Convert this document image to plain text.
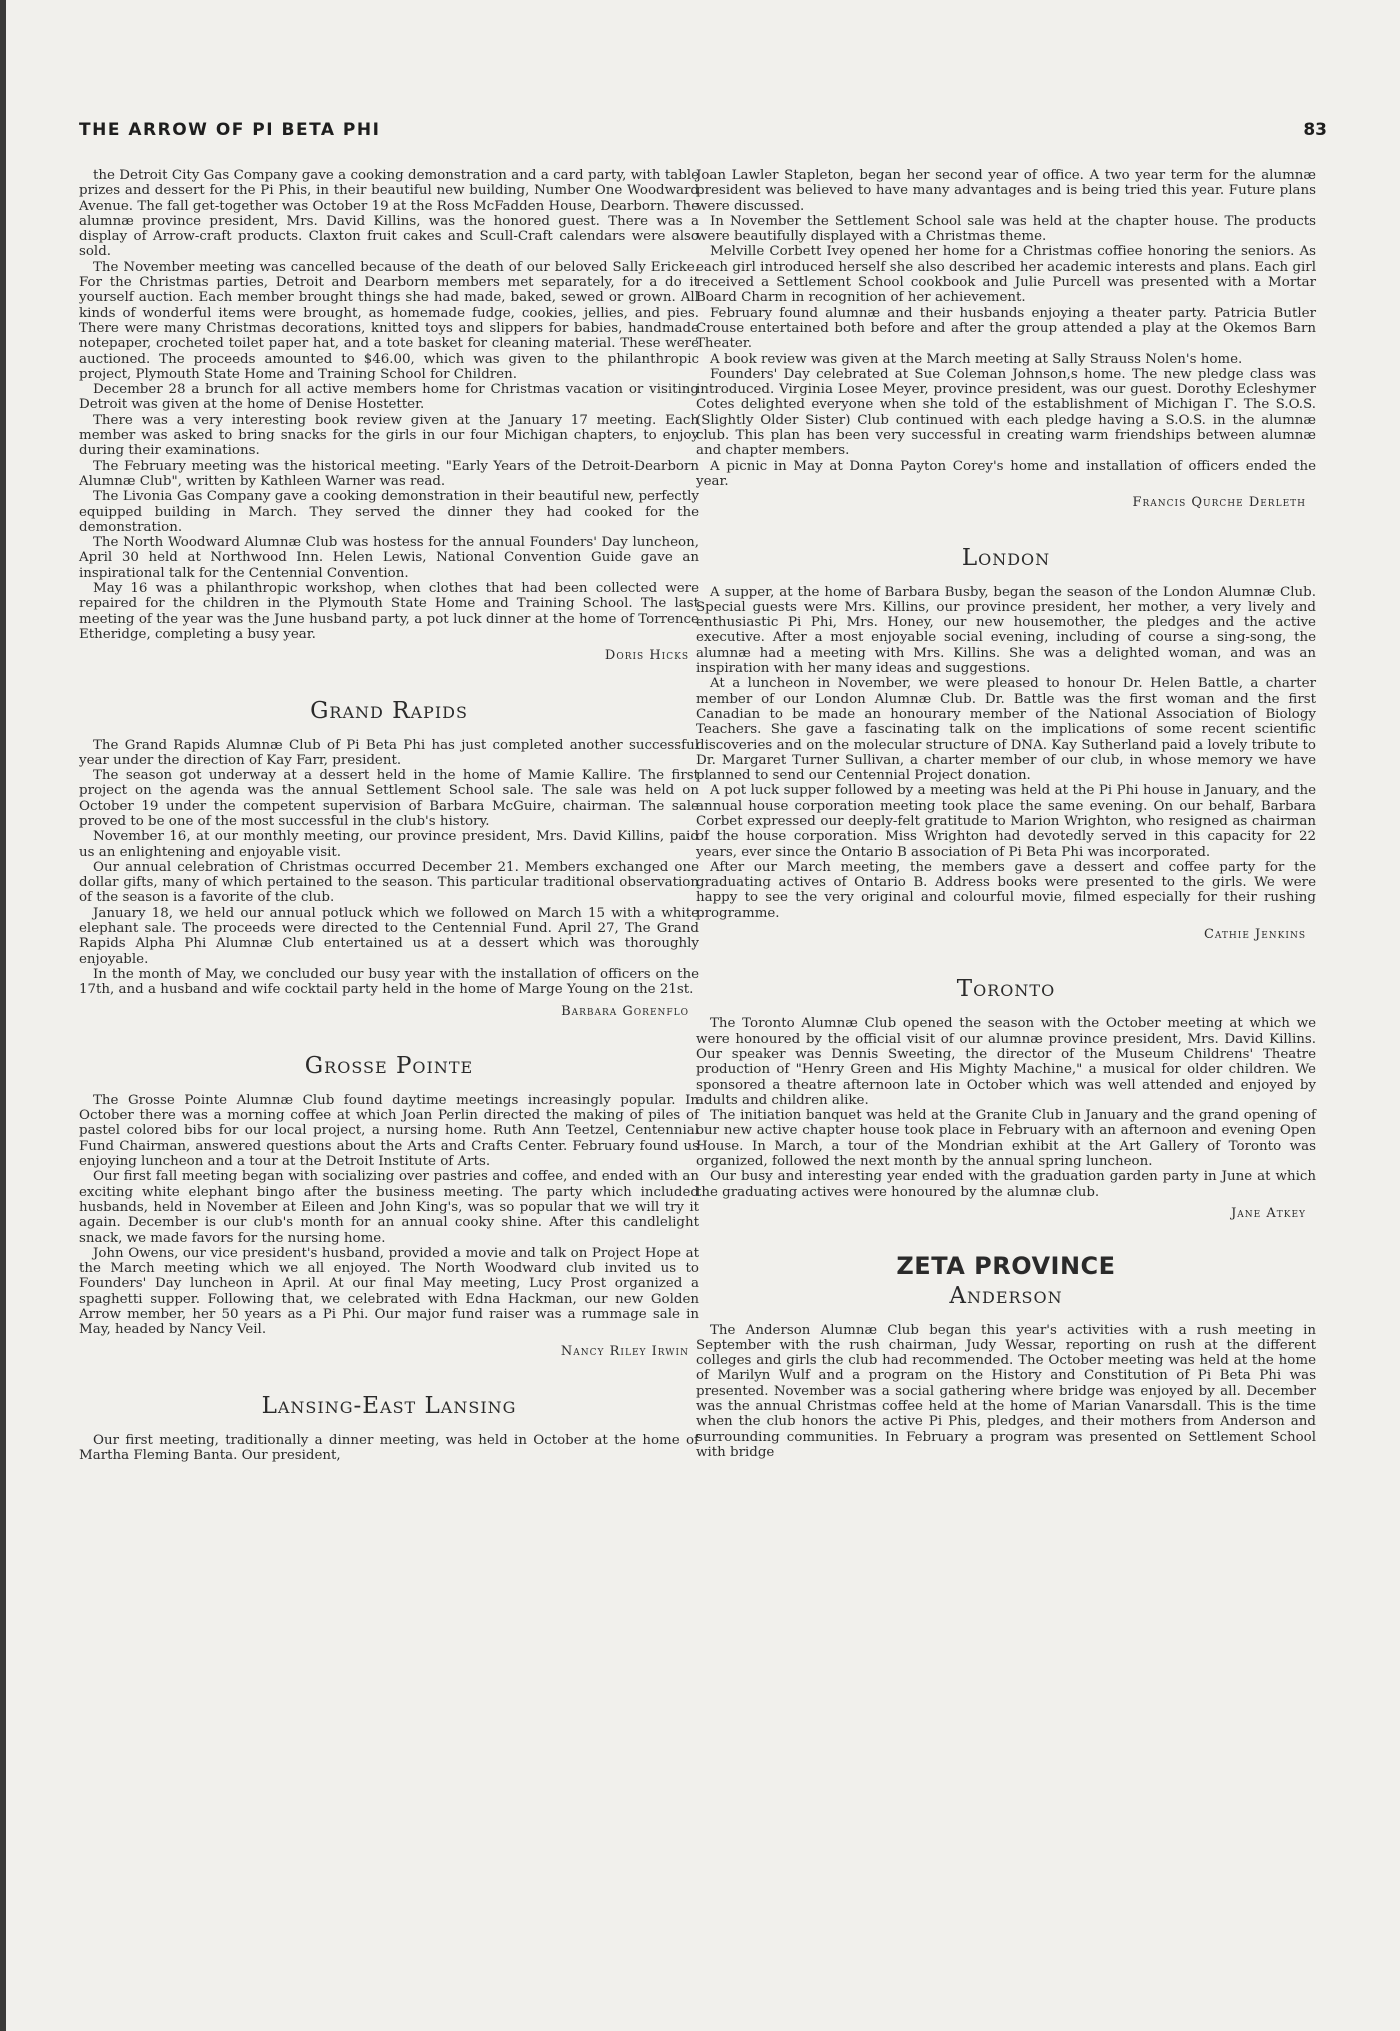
THE ARROW OF PI BETA PHI	83

the Detroit City Gas Company gave a cooking demonstration and a card party, with table prizes and dessert for the Pi Phis, in their beautiful new building, Number One Woodward Avenue. The fall get-together was October 19 at the Ross McFadden House, Dearborn. The alumnæ province president, Mrs. David Killins, was the honored guest. There was a display of Arrow-craft products. Claxton fruit cakes and Scull-Craft calendars were also sold.

The November meeting was cancelled because of the death of our beloved Sally Ericke. For the Christmas parties, Detroit and Dearborn members met separately, for a do it yourself auction. Each member brought things she had made, baked, sewed or grown. All kinds of wonderful items were brought, as homemade fudge, cookies, jellies, and pies. There were many Christmas decorations, knitted toys and slippers for babies, handmade notepaper, crocheted toilet paper hat, and a tote basket for cleaning material. These were auctioned. The proceeds amounted to $46.00, which was given to the philanthropic project, Plymouth State Home and Training School for Children.

December 28 a brunch for all active members home for Christmas vacation or visiting Detroit was given at the home of Denise Hostetter.

There was a very interesting book review given at the January 17 meeting. Each member was asked to bring snacks for the girls in our four Michigan chapters, to enjoy during their examinations.

The February meeting was the historical meeting. "Early Years of the Detroit-Dearborn Alumnæ Club", written by Kathleen Warner was read.

The Livonia Gas Company gave a cooking demonstration in their beautiful new, perfectly equipped building in March. They served the dinner they had cooked for the demonstration.

The North Woodward Alumnæ Club was hostess for the annual Founders' Day luncheon, April 30 held at Northwood Inn. Helen Lewis, National Convention Guide gave an inspirational talk for the Centennial Convention.

May 16 was a philanthropic workshop, when clothes that had been collected were repaired for the children in the Plymouth State Home and Training School. The last meeting of the year was the June husband party, a pot luck dinner at the home of Torrence Etheridge, completing a busy year.

Doris Hicks
Grand Rapids

The Grand Rapids Alumnæ Club of Pi Beta Phi has just completed another successful year under the direction of Kay Farr, president.

The season got underway at a dessert held in the home of Mamie Kallire. The first project on the agenda was the annual Settlement School sale. The sale was held on October 19 under the competent supervision of Barbara McGuire, chairman. The sale proved to be one of the most successful in the club's history.

November 16, at our monthly meeting, our province president, Mrs. David Killins, paid us an enlightening and enjoyable visit.

Our annual celebration of Christmas occurred December 21. Members exchanged one dollar gifts, many of which pertained to the season. This particular traditional observation of the season is a favorite of the club.

January 18, we held our annual potluck which we followed on March 15 with a white elephant sale. The proceeds were directed to the Centennial Fund. April 27, The Grand Rapids Alpha Phi Alumnæ Club entertained us at a dessert which was thoroughly enjoyable.

In the month of May, we concluded our busy year with the installation of officers on the 17th, and a husband and wife cocktail party held in the home of Marge Young on the 21st.

Barbara Gorenflo
Grosse Pointe

The Grosse Pointe Alumnæ Club found daytime meetings increasingly popular. In October there was a morning coffee at which Joan Perlin directed the making of piles of pastel colored bibs for our local project, a nursing home. Ruth Ann Teetzel, Centennial Fund Chairman, answered questions about the Arts and Crafts Center. February found us enjoying luncheon and a tour at the Detroit Institute of Arts.

Our first fall meeting began with socializing over pastries and coffee, and ended with an exciting white elephant bingo after the business meeting. The party which included husbands, held in November at Eileen and John King's, was so popular that we will try it again. December is our club's month for an annual cooky shine. After this candlelight snack, we made favors for the nursing home.

John Owens, our vice president's husband, provided a movie and talk on Project Hope at the March meeting which we all enjoyed. The North Woodward club invited us to Founders' Day luncheon in April. At our final May meeting, Lucy Prost organized a spaghetti supper. Following that, we celebrated with Edna Hackman, our new Golden Arrow member, her 50 years as a Pi Phi. Our major fund raiser was a rummage sale in May, headed by Nancy Veil.

Nancy Riley Irwin
Lansing-East Lansing

Our first meeting, traditionally a dinner meeting, was held in October at the home of Martha Fleming Banta. Our president,

Joan Lawler Stapleton, began her second year of office. A two year term for the alumnæ president was believed to have many advantages and is being tried this year. Future plans were discussed.

In November the Settlement School sale was held at the chapter house. The products were beautifully displayed with a Christmas theme.

Melville Corbett Ivey opened her home for a Christmas coffiee honoring the seniors. As each girl introduced herself she also described her academic interests and plans. Each girl received a Settlement School cookbook and Julie Purcell was presented with a Mortar Board Charm in recognition of her achievement.

February found alumnæ and their husbands enjoying a theater party. Patricia Butler Crouse entertained both before and after the group attended a play at the Okemos Barn Theater.

A book review was given at the March meeting at Sally Strauss Nolen's home.

Founders' Day celebrated at Sue Coleman Johnson,s home. The new pledge class was introduced. Virginia Losee Meyer, province president, was our guest. Dorothy Ecleshymer Cotes delighted everyone when she told of the establishment of Michigan Γ. The S.O.S. (Slightly Older Sister) Club continued with each pledge having a S.O.S. in the alumnæ club. This plan has been very successful in creating warm friendships between alumnæ and chapter members.

A picnic in May at Donna Payton Corey's home and installation of officers ended the year.

Francis Qurche Derleth
London

A supper, at the home of Barbara Busby, began the season of the London Alumnæ Club. Special guests were Mrs. Killins, our province president, her mother, a very lively and enthusiastic Pi Phi, Mrs. Honey, our new housemother, the pledges and the active executive. After a most enjoyable social evening, including of course a sing-song, the alumnæ had a meeting with Mrs. Killins. She was a delighted woman, and was an inspiration with her many ideas and suggestions.

At a luncheon in November, we were pleased to honour Dr. Helen Battle, a charter member of our London Alumnæ Club. Dr. Battle was the first woman and the first Canadian to be made an honourary member of the National Association of Biology Teachers. She gave a fascinating talk on the implications of some recent scientific discoveries and on the molecular structure of DNA. Kay Sutherland paid a lovely tribute to Dr. Margaret Turner Sullivan, a charter member of our club, in whose memory we have planned to send our Centennial Project donation.

A pot luck supper followed by a meeting was held at the Pi Phi house in January, and the annual house corporation meeting took place the same evening. On our behalf, Barbara Corbet expressed our deeply-felt gratitude to Marion Wrighton, who resigned as chairman of the house corporation. Miss Wrighton had devotedly served in this capacity for 22 years, ever since the Ontario B association of Pi Beta Phi was incorporated.

After our March meeting, the members gave a dessert and coffee party for the graduating actives of Ontario B. Address books were presented to the girls. We were happy to see the very original and colourful movie, filmed especially for their rushing programme.

Cathie Jenkins
Toronto

The Toronto Alumnæ Club opened the season with the October meeting at which we were honoured by the official visit of our alumnæ province president, Mrs. David Killins. Our speaker was Dennis Sweeting, the director of the Museum Childrens' Theatre production of "Henry Green and His Mighty Machine," a musical for older children. We sponsored a theatre afternoon late in October which was well attended and enjoyed by adults and children alike.

The initiation banquet was held at the Granite Club in January and the grand opening of our new active chapter house took place in February with an afternoon and evening Open House. In March, a tour of the Mondrian exhibit at the Art Gallery of Toronto was organized, followed the next month by the annual spring luncheon.

Our busy and interesting year ended with the graduation garden party in June at which the graduating actives were honoured by the alumnæ club.

Jane Atkey
ZETA PROVINCE
Anderson

The Anderson Alumnæ Club began this year's activities with a rush meeting in September with the rush chairman, Judy Wessar, reporting on rush at the different colleges and girls the club had recommended. The October meeting was held at the home of Marilyn Wulf and a program on the History and Constitution of Pi Beta Phi was presented. November was a social gathering where bridge was enjoyed by all. December was the annual Christmas coffee held at the home of Marian Vanarsdall. This is the time when the club honors the active Pi Phis, pledges, and their mothers from Anderson and surrounding communities. In February a program was presented on Settlement School with bridge
